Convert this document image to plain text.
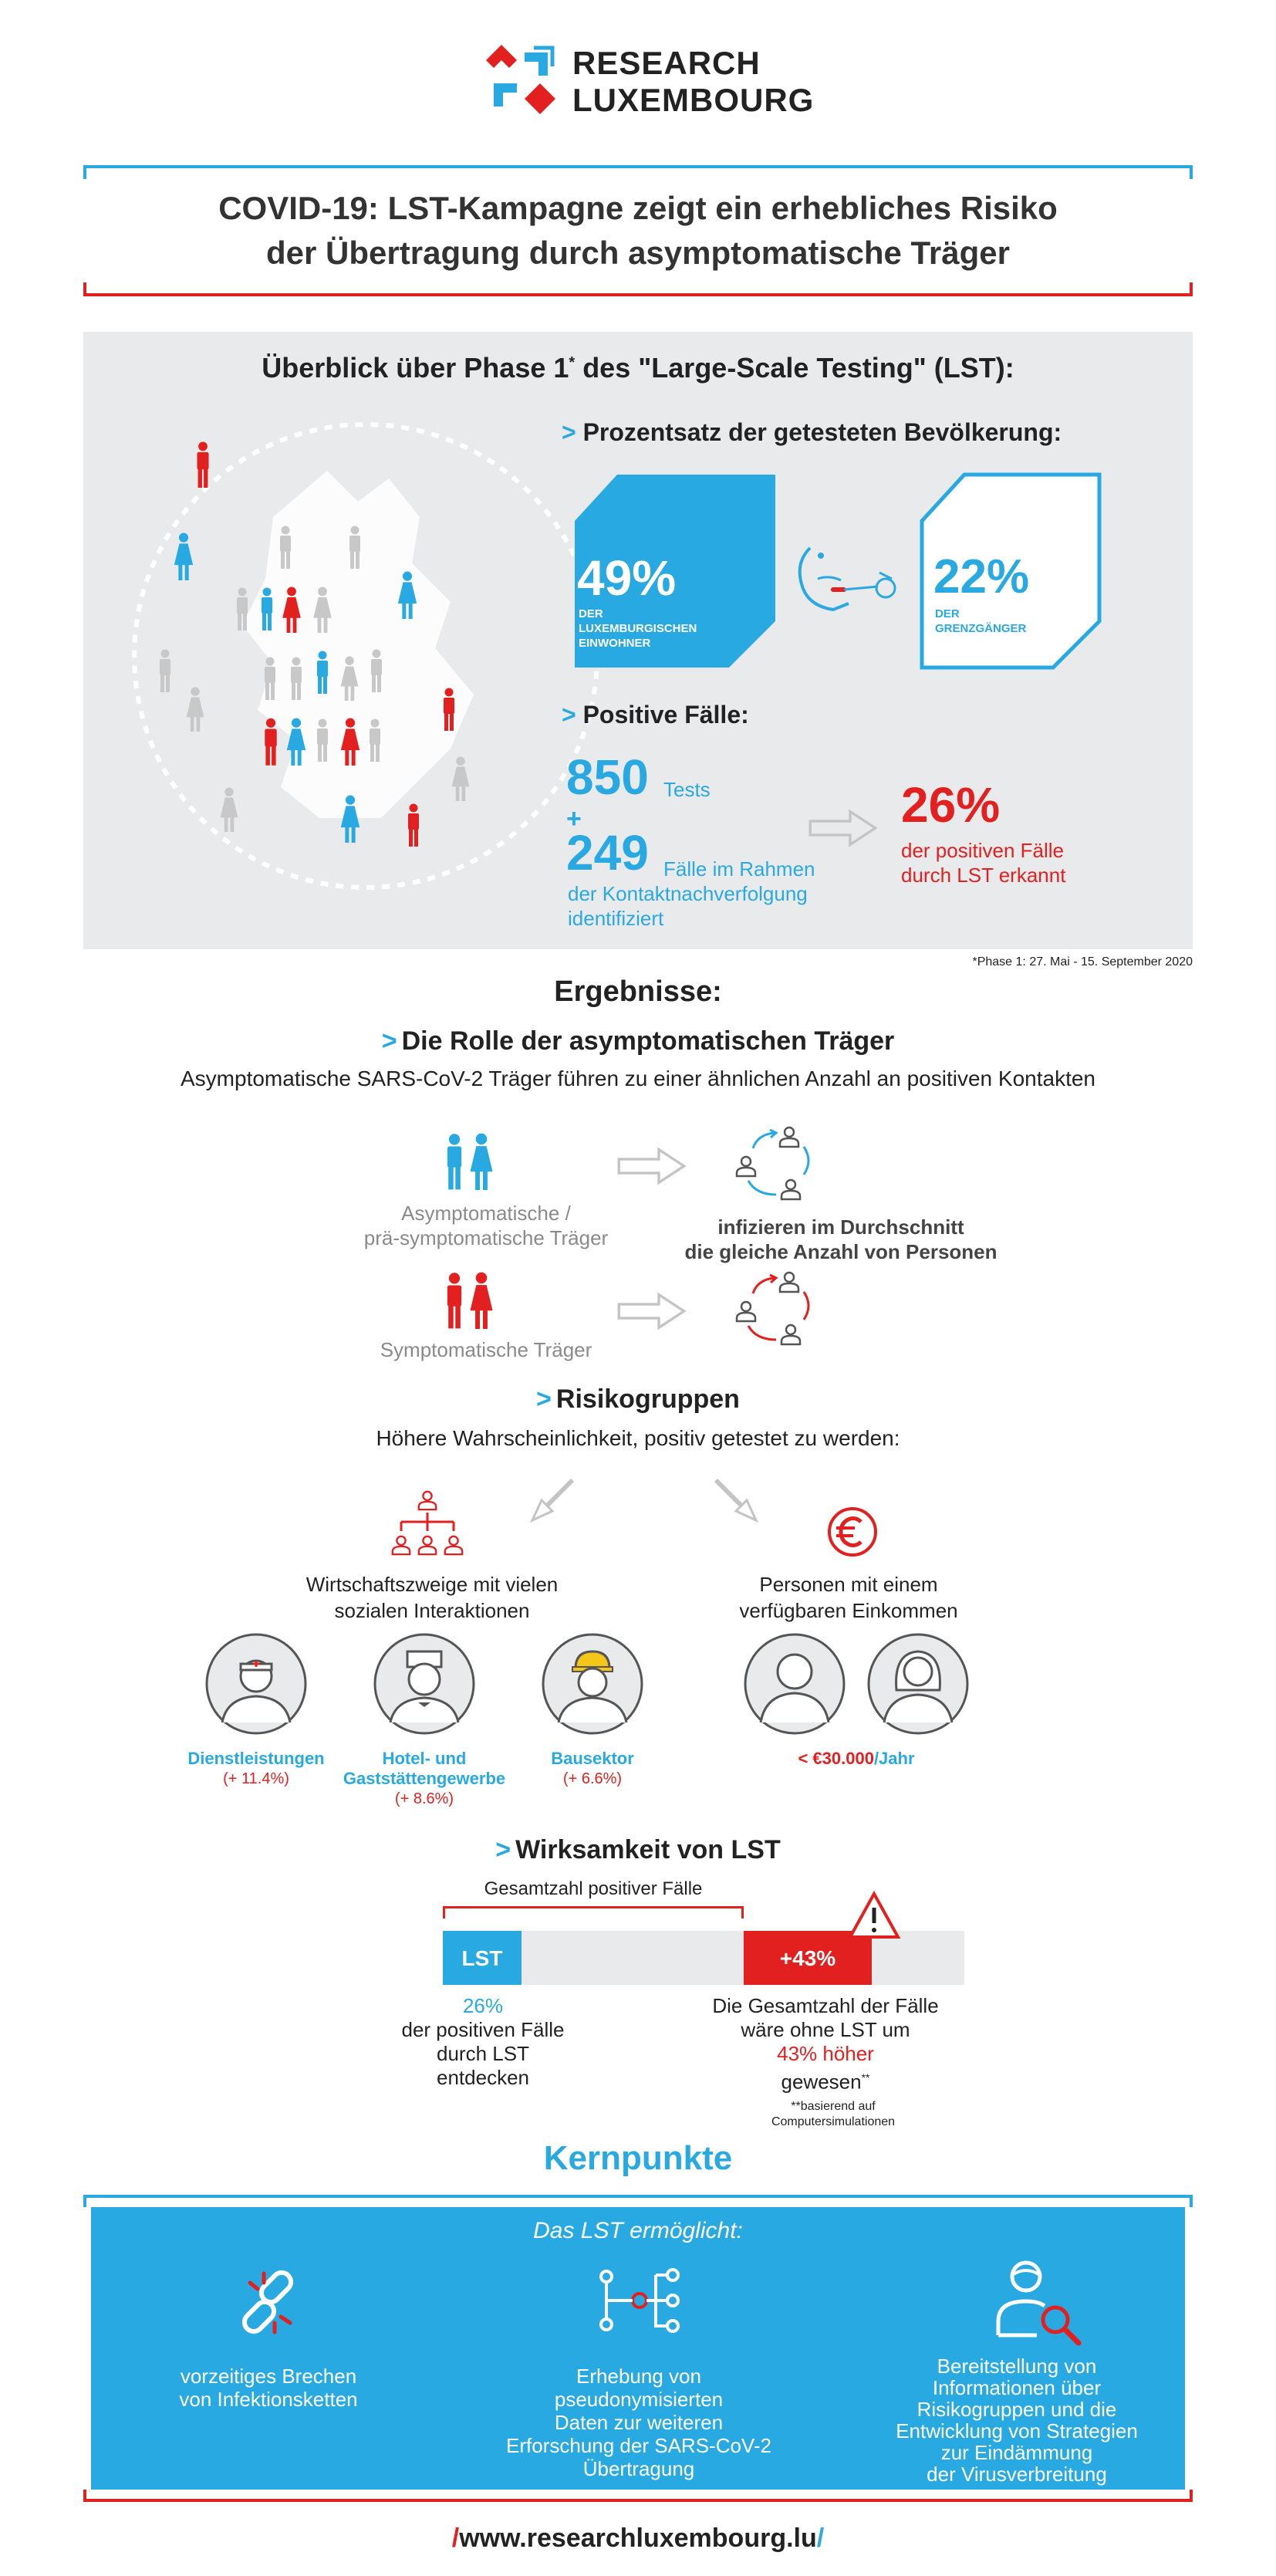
RESEARCH
LUXEMBOURG
COVID-19: LST-Kampagne zeigt ein erhebliches Risiko
der Übertragung durch asymptomatische Träger
Überblick über Phase 1* des "Large-Scale Testing" (LST):
> Prozentsatz der getesteten Bevölkerung:
49%
DER
LUXEMBURGISCHEN
EINWOHNER
22%
DER
GRENZGÄNGER
> Positive Fälle:
850 Tests
+
249 Fälle im Rahmen
der Kontaktnachverfolgung
identifiziert
26%
der positiven Fälle
durch LST erkannt
*Phase 1: 27. Mai - 15. September 2020
Ergebnisse:
> Die Rolle der asymptomatischen Träger
Asymptomatische SARS-CoV-2 Träger führen zu einer ähnlichen Anzahl an positiven Kontakten
Asymptomatische /
prä-symptomatische Träger	infizieren im Durchschnitt
die gleiche Anzahl von Personen
Symptomatische Träger
> Risikogruppen
Höhere Wahrscheinlichkeit, positiv getestet zu werden:
Wirtschaftszweige mit vielen
sozialen Interaktionen
Personen mit einem
verfügbaren Einkommen
Dienstleistungen
(+ 11.4%)
Hotel- und
Gaststättengewerbe
(+ 8.6%)
Bausektor
(+ 6.6%)
< €30.000/Jahr
> Wirksamkeit von LST
Gesamtzahl positiver Fälle
LST	+43%
26%
der positiven Fälle
durch LST
entdecken
Die Gesamtzahl der Fälle
wäre ohne LST um
43% höher
gewesen**
**basierend auf
Computersimulationen
Kernpunkte
Das LST ermöglicht:
vorzeitiges Brechen
von Infektionsketten
Erhebung von
pseudonymisierten
Daten zur weiteren
Erforschung der SARS-CoV-2
Übertragung
Bereitstellung von
Informationen über
Risikogruppen und die
Entwicklung von Strategien
zur Eindämmung
der Virusverbreitung
/www.researchluxembourg.lu/
